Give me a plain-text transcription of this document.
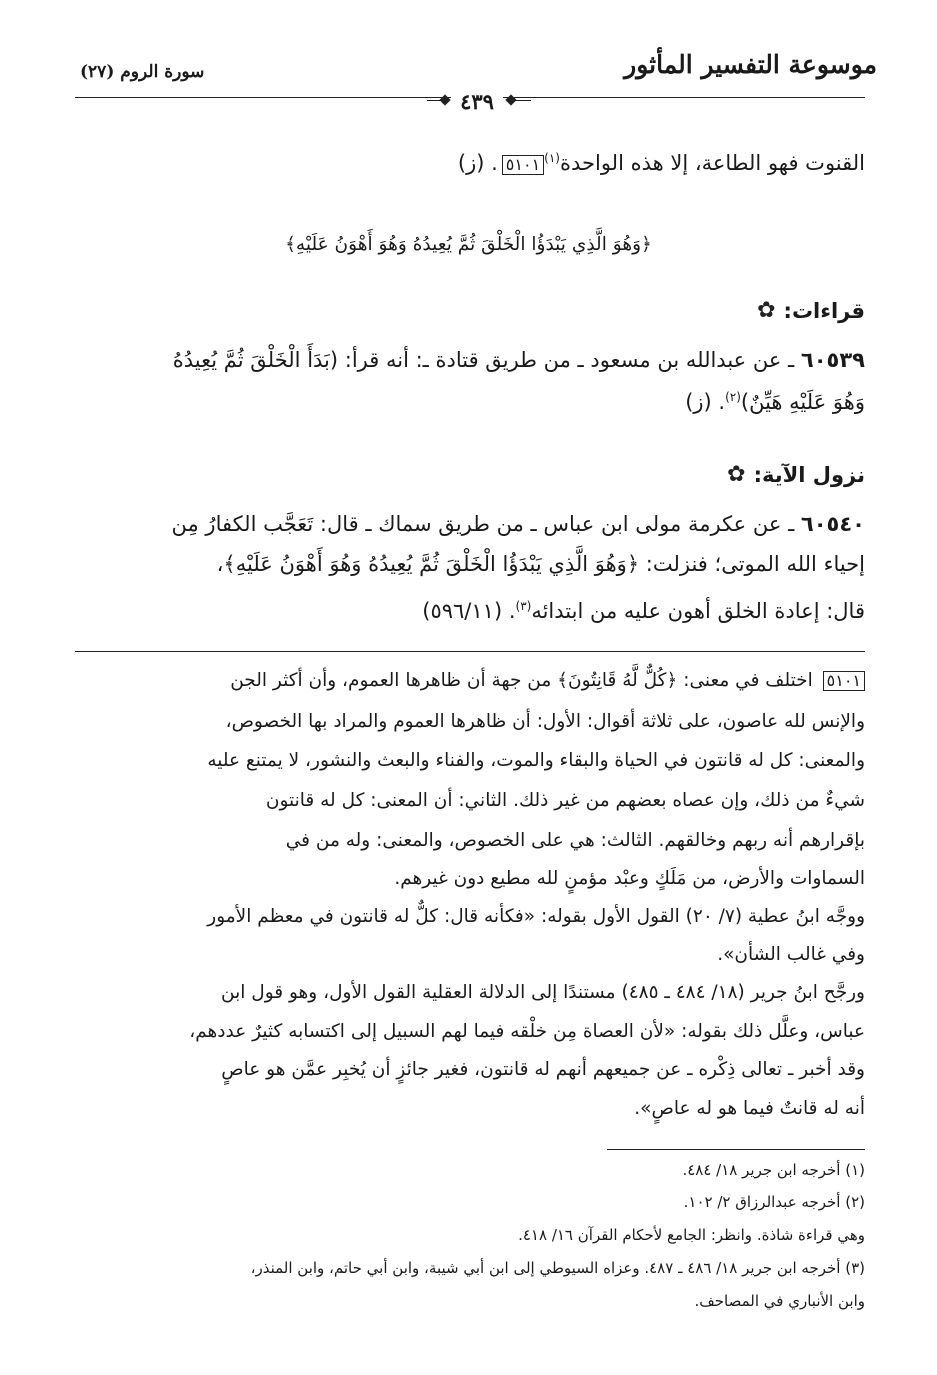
موسوعة التفسير المأثور
سورة الروم (٢٧)
٤٣٩
القنوت فهو الطاعة، إلا هذه الواحدة$^{(١)}$٥١٠١. (ز)
﴿وَهُوَ الَّذِي يَبْدَؤُا الْخَلْقَ ثُمَّ يُعِيدُهُ وَهُوَ أَهْوَنُ عَلَيْهِ﴾
✿ قراءات:
٦٠٥٣٩ ـ عن عبدالله بن مسعود ـ من طريق قتادة ـ: أنه قرأ: (بَدَأَ الْخَلْقَ ثُمَّ يُعِيدُهُ
وَهُوَ عَلَيْهِ هَيِّنٌ)$^{(٢)}$. (ز)
✿ نزول الآية:
٦٠٥٤٠ ـ عن عكرمة مولى ابن عباس ـ من طريق سماك ـ قال: تَعَجَّب الكفارُ مِن
إحياء الله الموتى؛ فنزلت: ﴿وَهُوَ الَّذِي يَبْدَؤُا الْخَلْقَ ثُمَّ يُعِيدُهُ وَهُوَ أَهْوَنُ عَلَيْهِ﴾،
قال: إعادة الخلق أهون عليه من ابتدائه$^{(٣)}$. (٥٩٦/١١)
٥١٠١ اختلف في معنى: ﴿كُلٌّ لَّهُ قَانِتُونَ﴾ من جهة أن ظاهرها العموم، وأن أكثر الجن
والإنس لله عاصون، على ثلاثة أقوال: الأول: أن ظاهرها العموم والمراد بها الخصوص،
والمعنى: كل له قانتون في الحياة والبقاء والموت، والفناء والبعث والنشور، لا يمتنع عليه
شيءٌ من ذلك، وإن عصاه بعضهم من غير ذلك. الثاني: أن المعنى: كل له قانتون
بإقرارهم أنه ربهم وخالقهم. الثالث: هي على الخصوص، والمعنى: وله من في
السماوات والأرض، من مَلَكٍ وعبْد مؤمنٍ لله مطيع دون غيرهم.
ووجَّه ابنُ عطية (٧/ ٢٠) القول الأول بقوله: «فكأنه قال: كلٌّ له قانتون في معظم الأمور
وفي غالب الشأن».
ورجَّح ابنُ جرير (١٨/ ٤٨٤ ـ ٤٨٥) مستندًا إلى الدلالة العقلية القول الأول، وهو قول ابن
عباس، وعلَّل ذلك بقوله: «لأن العصاة مِن خلْقه فيما لهم السبيل إلى اكتسابه كثيرٌ عددهم،
وقد أخبر ـ تعالى ذِكْره ـ عن جميعهم أنهم له قانتون، فغير جائزٍ أن يُخبِر عمَّن هو عاصٍ
أنه له قانتٌ فيما هو له عاصٍ».
(١) أخرجه ابن جرير ١٨/ ٤٨٤.
(٢) أخرجه عبدالرزاق ٢/ ١٠٢.
وهي قراءة شاذة. وانظر: الجامع لأحكام القرآن ١٦/ ٤١٨.
(٣) أخرجه ابن جرير ١٨/ ٤٨٦ ـ ٤٨٧. وعزاه السيوطي إلى ابن أبي شيبة، وابن أبي حاتم، وابن المنذر،
وابن الأنباري في المصاحف.
